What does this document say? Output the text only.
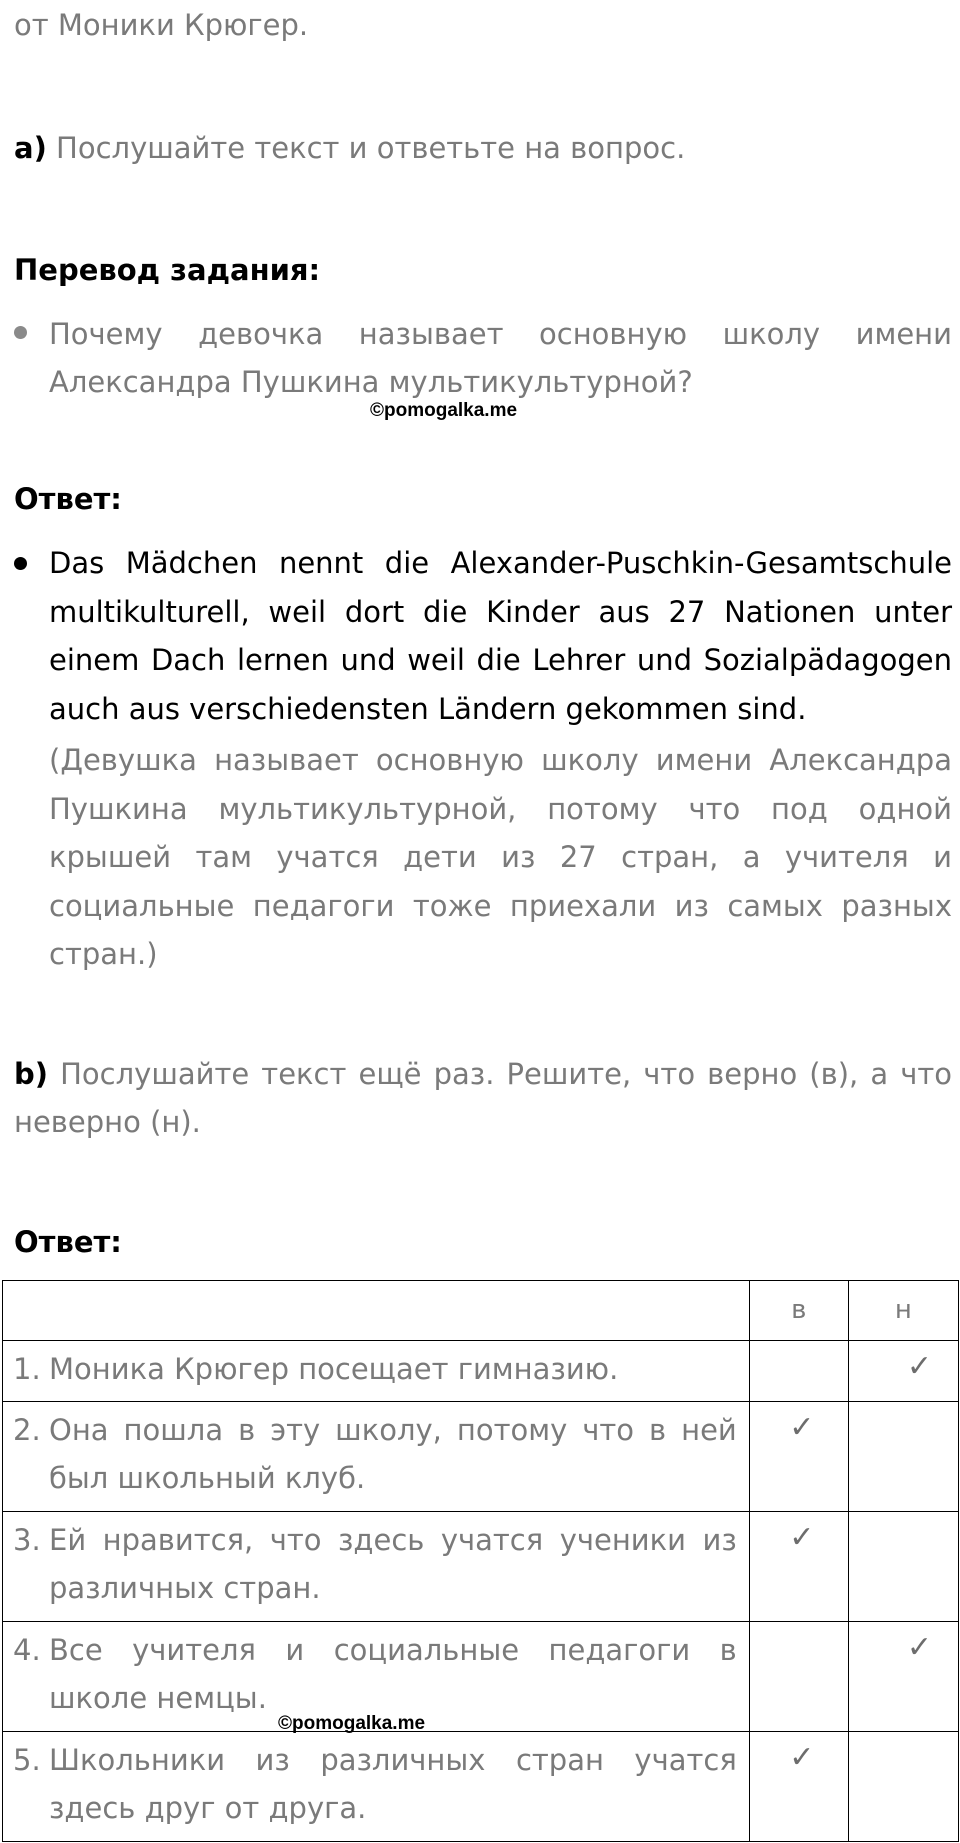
от Моники Крюгер.

a) Послушайте текст и ответьте на вопрос.

Перевод задания:

Почему девочка называет основную школу имени Александра Пушкина мультикультурной?

©pomogalka.me

Ответ:

Das Mädchen nennt die Alexander-Puschkin-Gesamtschule multikulturell, weil dort die Kinder aus 27 Nationen unter einem Dach lernen und weil die Lehrer und Sozialpädagogen auch aus verschiedensten Ländern gekommen sind.

(Девушка называет основную школу имени Александра Пушкина мультикультурной, потому что под одной крышей там учатся дети из 27 стран, а учителя и социальные педагоги тоже приехали из самых разных стран.)

b) Послушайте текст ещё раз. Решите, что верно (в), а что неверно (н).

Ответ:

	в	н

1. Моника Крюгер посещает гимназию.		✓

2. Она пошла в эту школу, потому что в ней был школьный клуб.	✓	

3. Ей нравится, что здесь учатся ученики из различных стран.	✓	

4. Все учителя и социальные педагоги в школе немцы.		✓

5. Школьники из различных стран учатся здесь друг от друга.	✓	

©pomogalka.me
